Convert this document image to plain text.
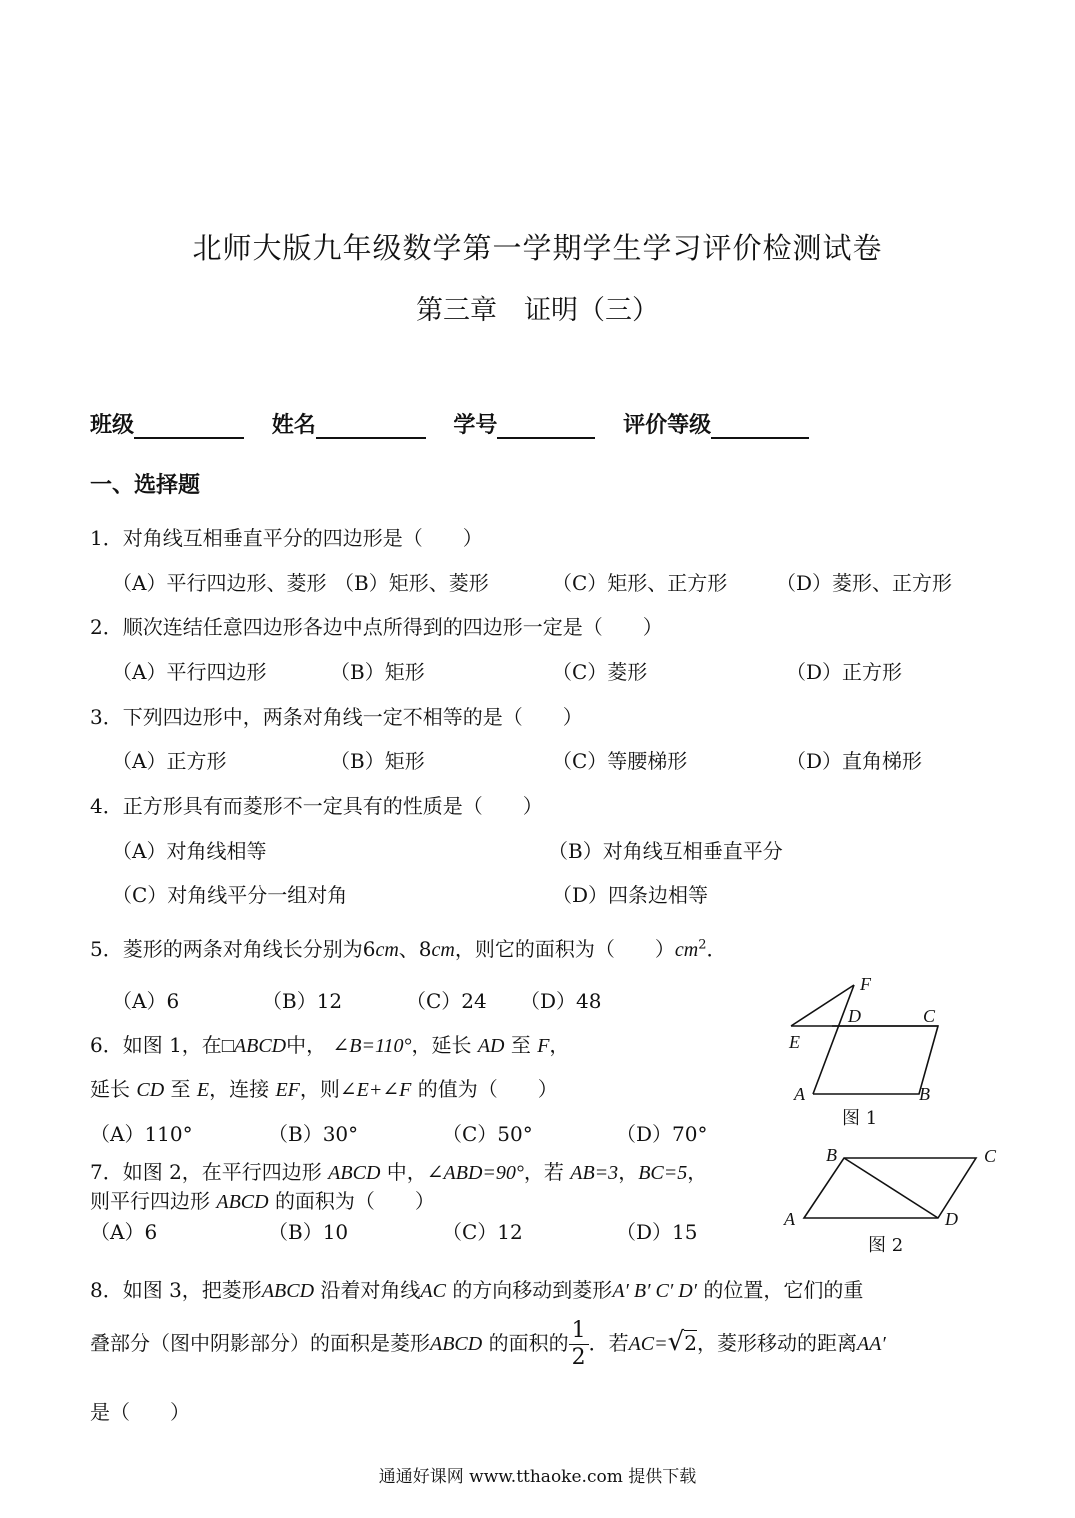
北师大版九年级数学第一学期学生学习评价检测试卷
第三章　证明（三）
班级	姓名	学号	评价等级
一、选择题
1．对角线互相垂直平分的四边形是（　　）
（A）平行四边形、菱形 （B）矩形、菱形	（C）矩形、正方形 （D）菱形、正方形
2．顺次连结任意四边形各边中点所得到的四边形一定是（　　）
（A）平行四边形	（B）矩形	（C）菱形	（D）正方形
3．下列四边形中，两条对角线一定不相等的是（　　）
（A）正方形	（B）矩形	（C）等腰梯形	（D）直角梯形
4．正方形具有而菱形不一定具有的性质是（　　）
（A）对角线相等	（B）对角线互相垂直平分
（C）对角线平分一组对角	（D）四条边相等
5．菱形的两条对角线长分别为6cm、8cm，则它的面积为（　　）$cm^2$．
（A）6	（B）12	（C）24 （D）48
6．如图 1，在□ABCD中， ∠B=110°，延长 AD 至 F，
延长 CD 至 E，连接 EF，则∠E+∠F 的值为（　　）
（A）110°	（B）30°	（C）50°	（D）70°
7．如图 2，在平行四边形 ABCD 中，∠ABD=90°，若 AB=3，BC=5，
则平行四边形 ABCD 的面积为（　　）
（A）6	（B）10	（C）12	（D）15
8．如图 3，把菱形ABCD 沿着对角线AC 的方向移动到菱形A′ B′ C′ D′ 的位置，它们的重
叠部分（图中阴影部分）的面积是菱形ABCD 的面积的 $\frac{1}{2}$ ．若AC=√2，菱形移动的距离AA′
是（　　）
F
D	C
E
A	B
图 1
B	C
A	D
图 2
通通好课网 www.tthaoke.com 提供下载
